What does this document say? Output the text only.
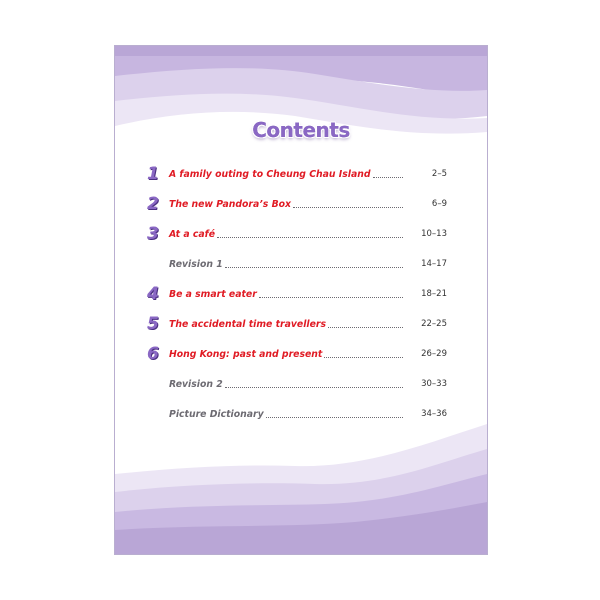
Contents
1	A family outing to Cheung Chau Island	2–5
2	The new Pandora’s Box	6–9
3	At a café	10–13
Revision 1	14–17
4	Be a smart eater	18–21
5	The accidental time travellers	22–25
6	Hong Kong: past and present	26–29
Revision 2	30–33
Picture Dictionary	34–36
